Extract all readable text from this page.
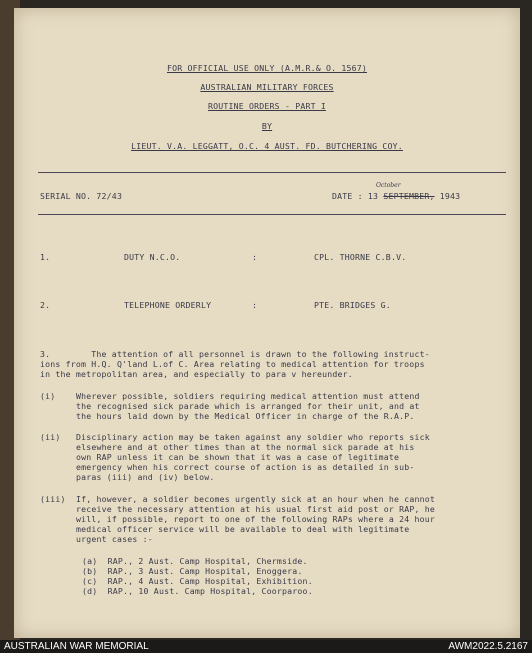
FOR OFFICIAL USE ONLY (A.M.R.& O. 1567)
AUSTRALIAN MILITARY FORCES
ROUTINE ORDERS - PART I
BY
LIEUT. V.A. LEGGATT, O.C. 4 AUST. FD. BUTCHERING COY.
SERIAL NO. 72/43
October
DATE : 13 SEPTEMBER, 1943
1.	DUTY N.C.O.	:	CPL. THORNE C.B.V.
2.	TELEPHONE ORDERLY	:	PTE. BRIDGES G.
3.        The attention of all personnel is drawn to the following instruct-
ions from H.Q. Q'land L.of C. Area relating to medical attention for troops
in the metropolitan area, and especially to para v hereunder.
(i)	Wherever possible, soldiers requiring medical attention must attend
the recognised sick parade which is arranged for their unit, and at
the hours laid down by the Medical Officer in charge of the R.A.P.
(ii) Disciplinary action may be taken against any soldier who reports sick
elsewhere and at other times than at the normal sick parade at his
own RAP unless it can be shown that it was a case of legitimate
emergency when his correct course of action is as detailed in sub-
paras (iii) and (iv) below.
(iii) If, however, a soldier becomes urgently sick at an hour when he cannot
receive the necessary attention at his usual first aid post or RAP, he
will, if possible, report to one of the following RAPs where a 24 hour
medical officer service will be available to deal with legitimate
urgent cases :-
(a)  RAP., 2 Aust. Camp Hospital, Chermside.
(b)  RAP., 3 Aust. Camp Hospital, Enoggera.
(c)  RAP., 4 Aust. Camp Hospital, Exhibition.
(d)  RAP., 10 Aust. Camp Hospital, Coorparoo.
AUSTRALIAN WAR MEMORIAL	AWM2022.5.2167
